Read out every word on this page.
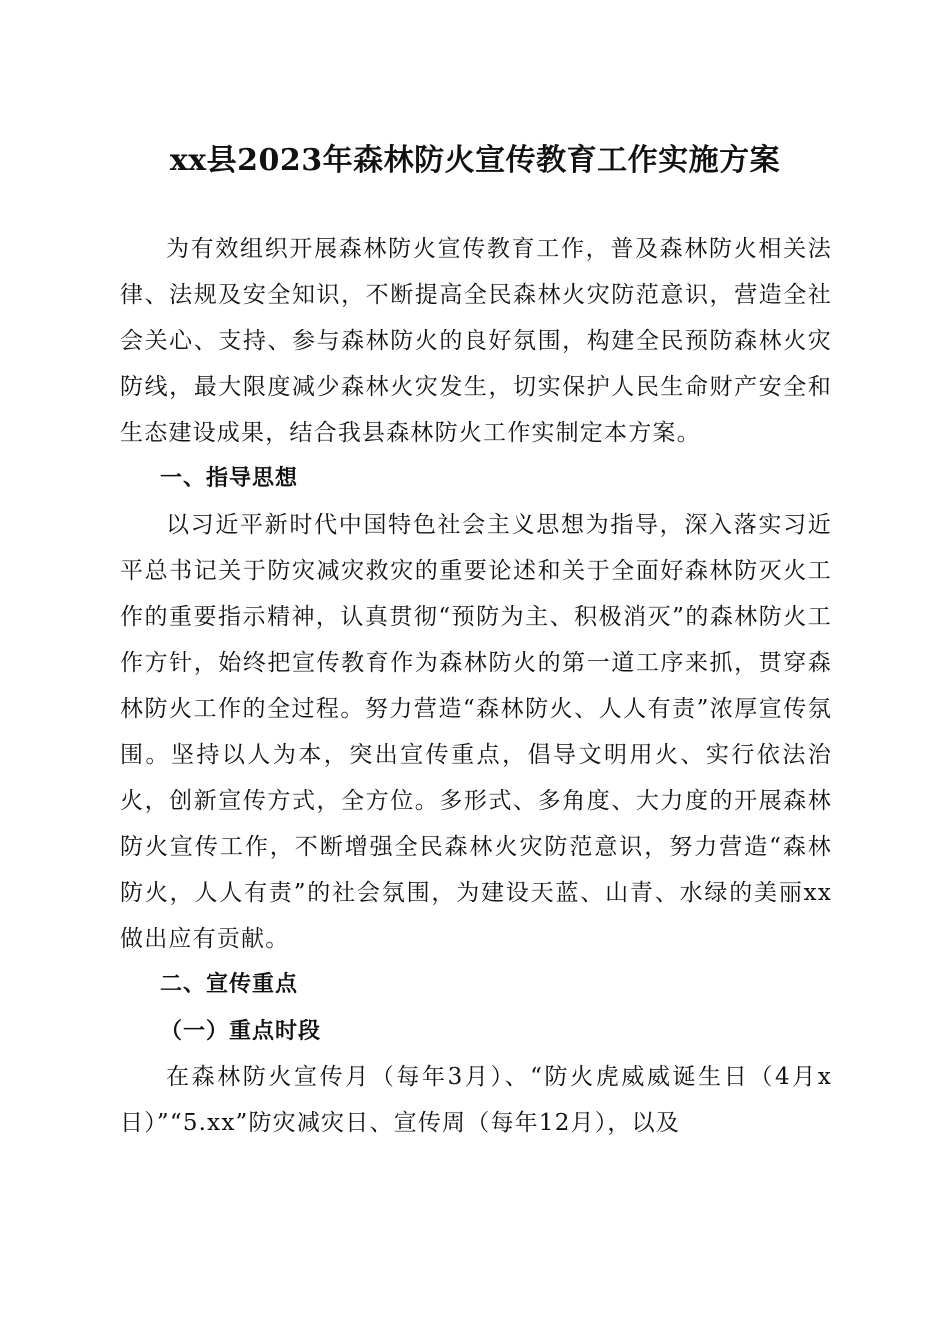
xx县2023年森林防火宣传教育工作实施方案

为有效组织开展森林防火宣传教育工作，普及森林防火相关法律、法规及安全知识，不断提高全民森林火灾防范意识，营造全社会关心、支持、参与森林防火的良好氛围，构建全民预防森林火灾防线，最大限度减少森林火灾发生，切实保护人民生命财产安全和生态建设成果，结合我县森林防火工作实制定本方案。

一、指导思想

以习近平新时代中国特色社会主义思想为指导，深入落实习近平总书记关于防灾减灾救灾的重要论述和关于全面好森林防灭火工作的重要指示精神，认真贯彻“预防为主、积极消灭”的森林防火工作方针，始终把宣传教育作为森林防火的第一道工序来抓，贯穿森林防火工作的全过程。努力营造“森林防火、人人有责”浓厚宣传氛围。坚持以人为本，突出宣传重点，倡导文明用火、实行依法治火，创新宣传方式，全方位。多形式、多角度、大力度的开展森林防火宣传工作，不断增强全民森林火灾防范意识，努力营造“森林防火，人人有责”的社会氛围，为建设天蓝、山青、水绿的美丽xx做出应有贡献。

二、宣传重点
（一）重点时段

在森林防火宣传月（每年3月）、“防火虎威威诞生日（4月x日）”“5.xx”防灾减灾日、宣传周（每年12月），以及
